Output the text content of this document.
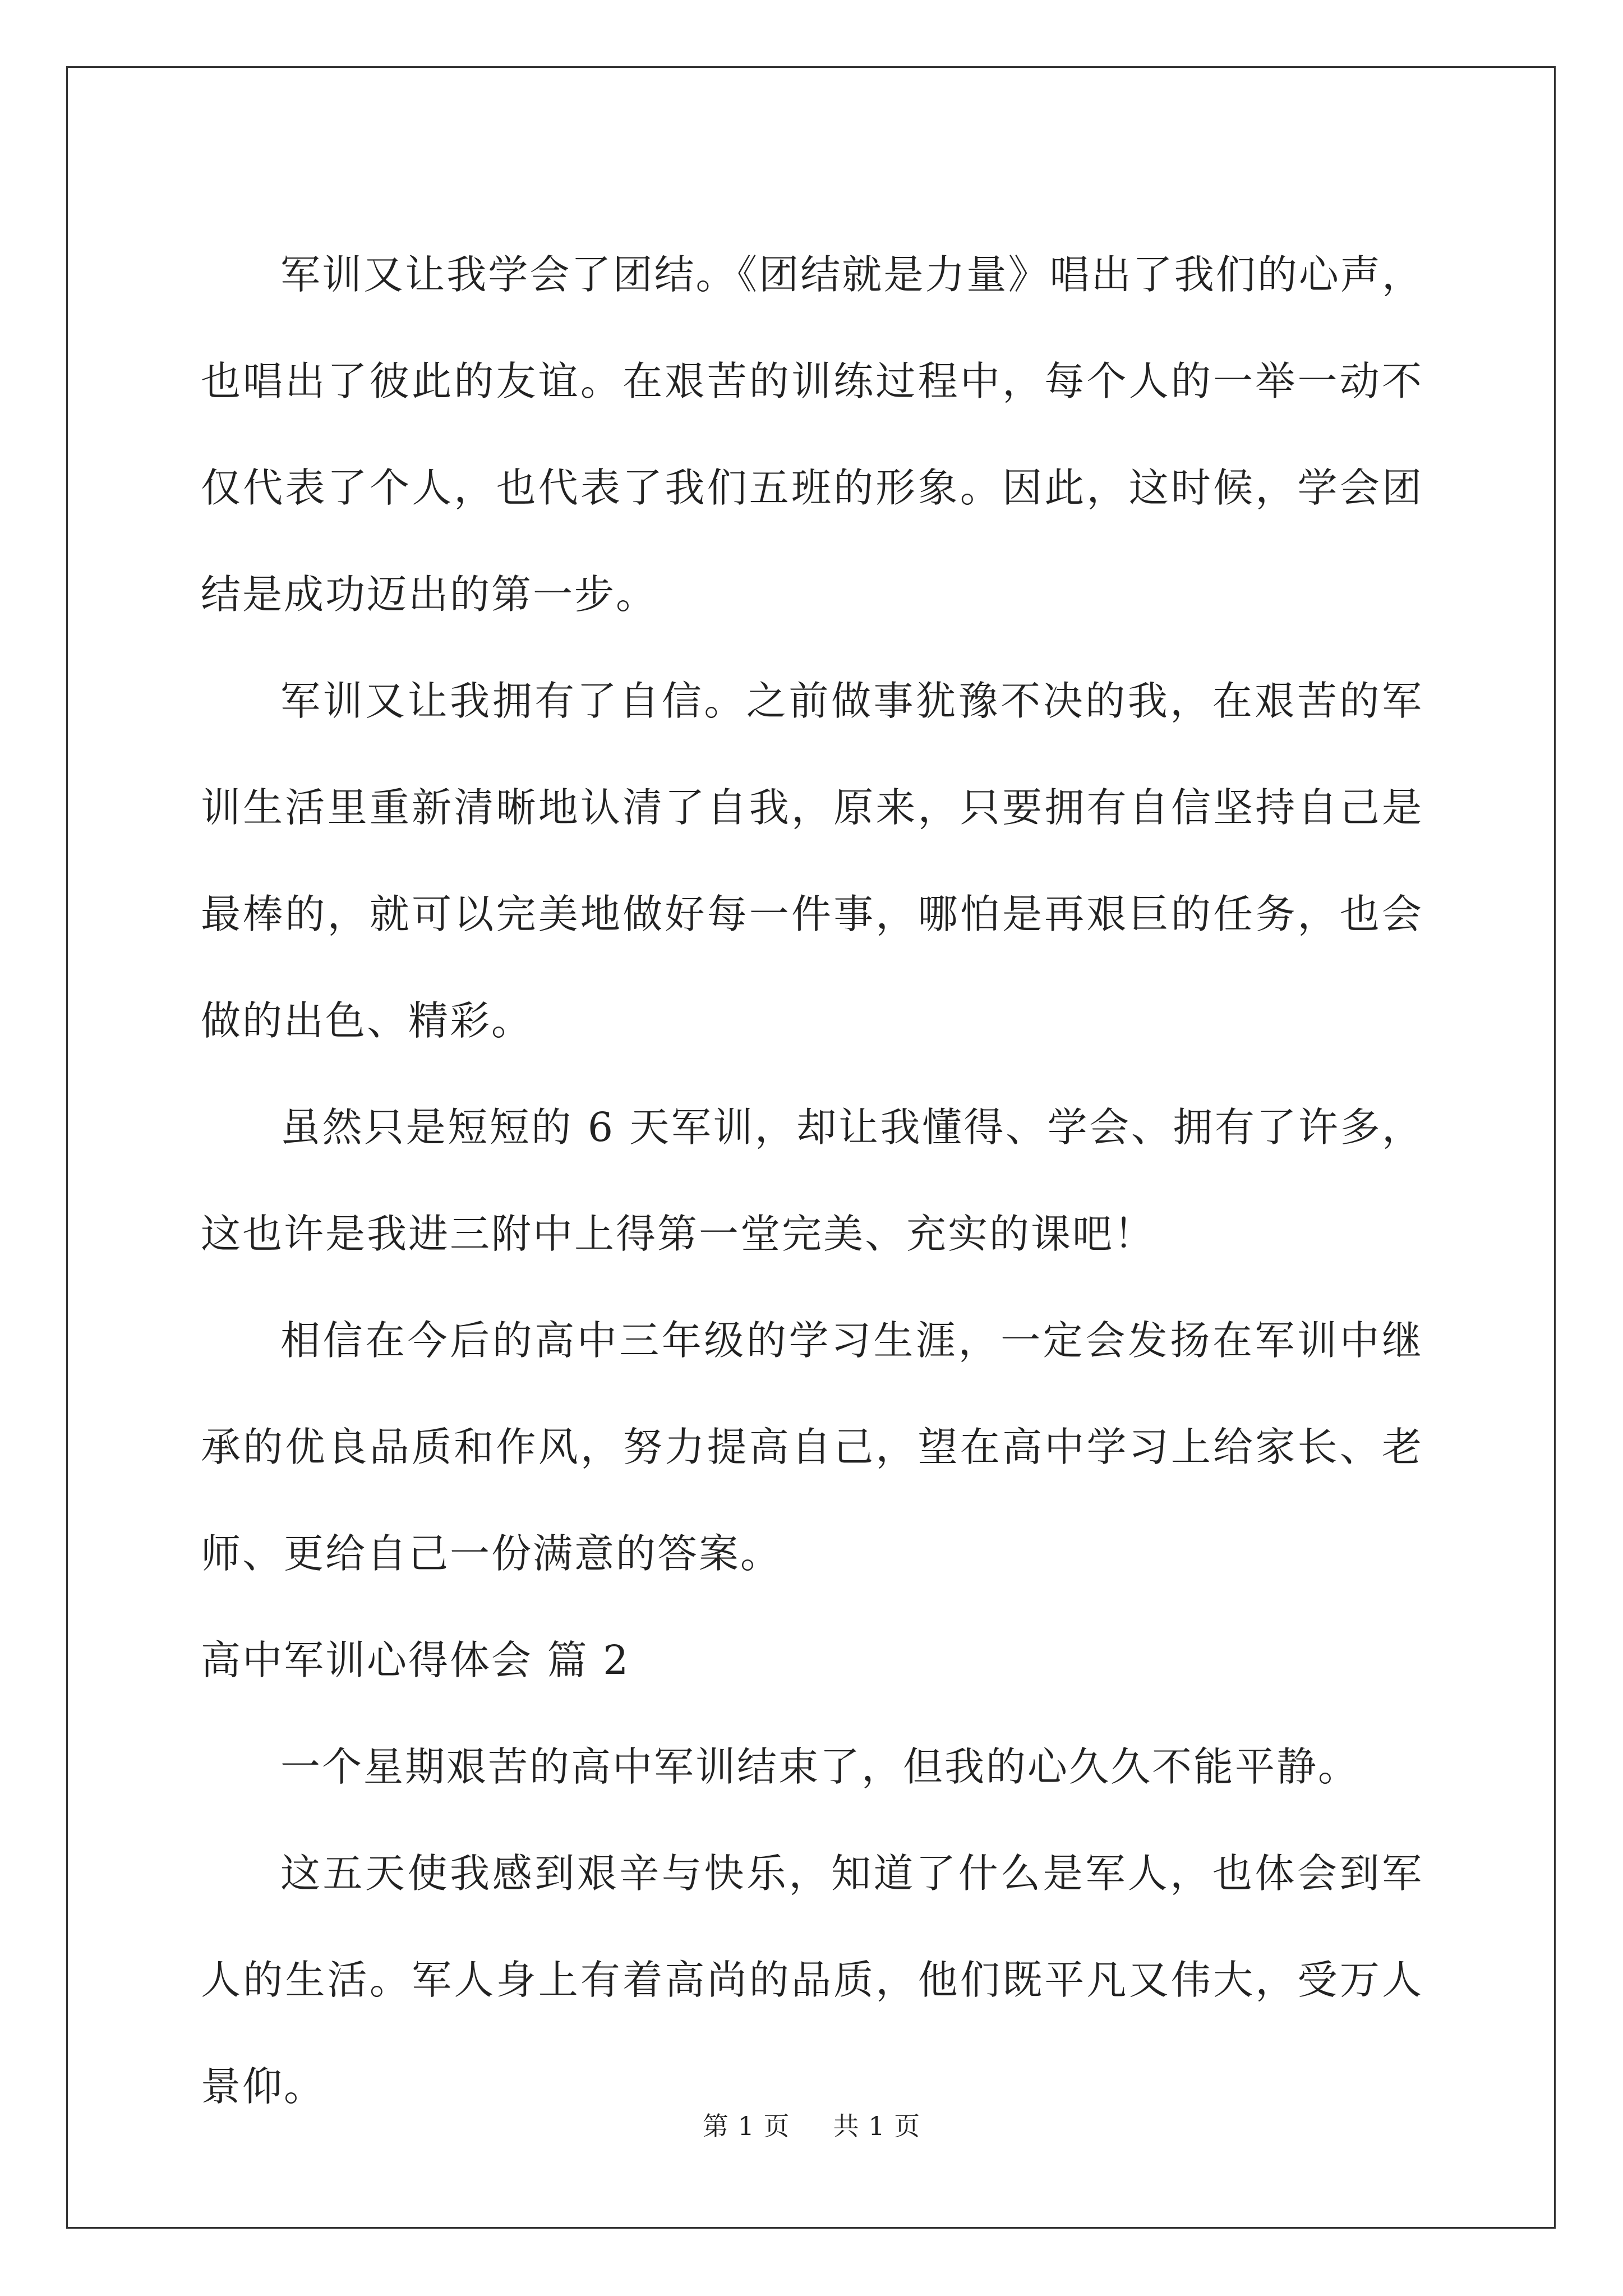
军训又让我学会了团结。《团结就是力量》唱出了我们的心声，也唱出了彼此的友谊。在艰苦的训练过程中，每个人的一举一动不仅代表了个人，也代表了我们五班的形象。因此，这时候，学会团结是成功迈出的第一步。

军训又让我拥有了自信。之前做事犹豫不决的我，在艰苦的军训生活里重新清晰地认清了自我，原来，只要拥有自信坚持自己是最棒的，就可以完美地做好每一件事，哪怕是再艰巨的任务，也会做的出色、精彩。

虽然只是短短的 6 天军训，却让我懂得、学会、拥有了许多，这也许是我进三附中上得第一堂完美、充实的课吧！

相信在今后的高中三年级的学习生涯，一定会发扬在军训中继承的优良品质和作风，努力提高自己，望在高中学习上给家长、老师、更给自己一份满意的答案。

高中军训心得体会 篇 2

一个星期艰苦的高中军训结束了，但我的心久久不能平静。

这五天使我感到艰辛与快乐，知道了什么是军人，也体会到军人的生活。军人身上有着高尚的品质，他们既平凡又伟大，受万人景仰。

第 1 页 共 1 页
